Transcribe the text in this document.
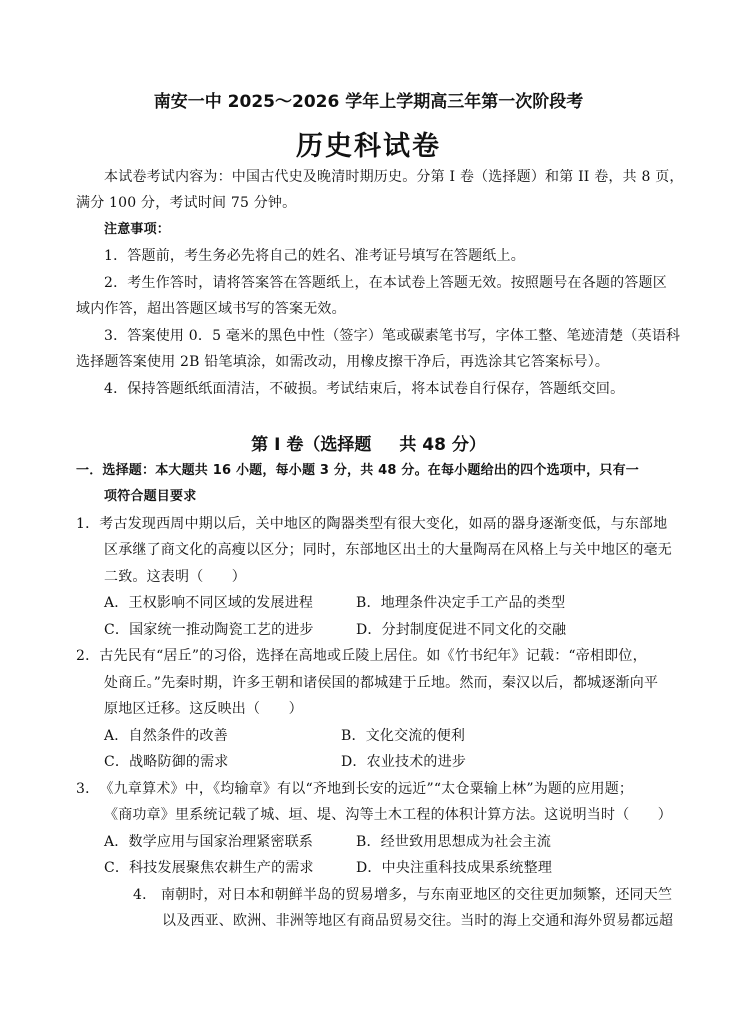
南安一中 2025～2026 学年上学期高三年第一次阶段考
历史科试卷
本试卷考试内容为：中国古代史及晚清时期历史。分第 I 卷（选择题）和第 II 卷，共 8 页，
满分 100 分，考试时间 75 分钟。
注意事项：
1．答题前，考生务必先将自己的姓名、准考证号填写在答题纸上。
2．考生作答时，请将答案答在答题纸上，在本试卷上答题无效。按照题号在各题的答题区
域内作答，超出答题区域书写的答案无效。
3．答案使用 0．5 毫米的黑色中性（签字）笔或碳素笔书写，字体工整、笔迹清楚（英语科
选择题答案使用 2B 铅笔填涂，如需改动，用橡皮擦干净后，再选涂其它答案标号）。
4．保持答题纸纸面清洁，不破损。考试结束后，将本试卷自行保存，答题纸交回。
第 I 卷（选择题 共 48 分）
一．选择题：本大题共 16 小题，每小题 3 分，共 48 分。在每小题给出的四个选项中，只有一
项符合题目要求
1．考古发现西周中期以后，关中地区的陶器类型有很大变化，如鬲的器身逐渐变低，与东部地
区承继了商文化的高瘦以区分；同时，东部地区出土的大量陶鬲在风格上与关中地区的毫无
二致。这表明（　　）
A．王权影响不同区域的发展进程	B．地理条件决定手工产品的类型
C．国家统一推动陶瓷工艺的进步	D．分封制度促进不同文化的交融
2．古先民有“居丘”的习俗，选择在高地或丘陵上居住。如《竹书纪年》记载：“帝相即位，
处商丘。”先秦时期，许多王朝和诸侯国的都城建于丘地。然而，秦汉以后，都城逐渐向平
原地区迁移。这反映出（　　）
A．自然条件的改善	B．文化交流的便利
C．战略防御的需求	D．农业技术的进步
3．　《九章算术》中，《均输章》有以“齐地到长安的远近”“太仓粟输上林”为题的应用题；
《商功章》里系统记载了城、垣、堤、沟等土木工程的体积计算方法。这说明当时（　　）
A．数学应用与国家治理紧密联系	B．经世致用思想成为社会主流
C．科技发展聚焦农耕生产的需求	D．中央注重科技成果系统整理
4． 南朝时，对日本和朝鲜半岛的贸易增多，与东南亚地区的交往更加频繁，还同天竺
以及西亚、欧洲、非洲等地区有商品贸易交往。当时的海上交通和海外贸易都远超
